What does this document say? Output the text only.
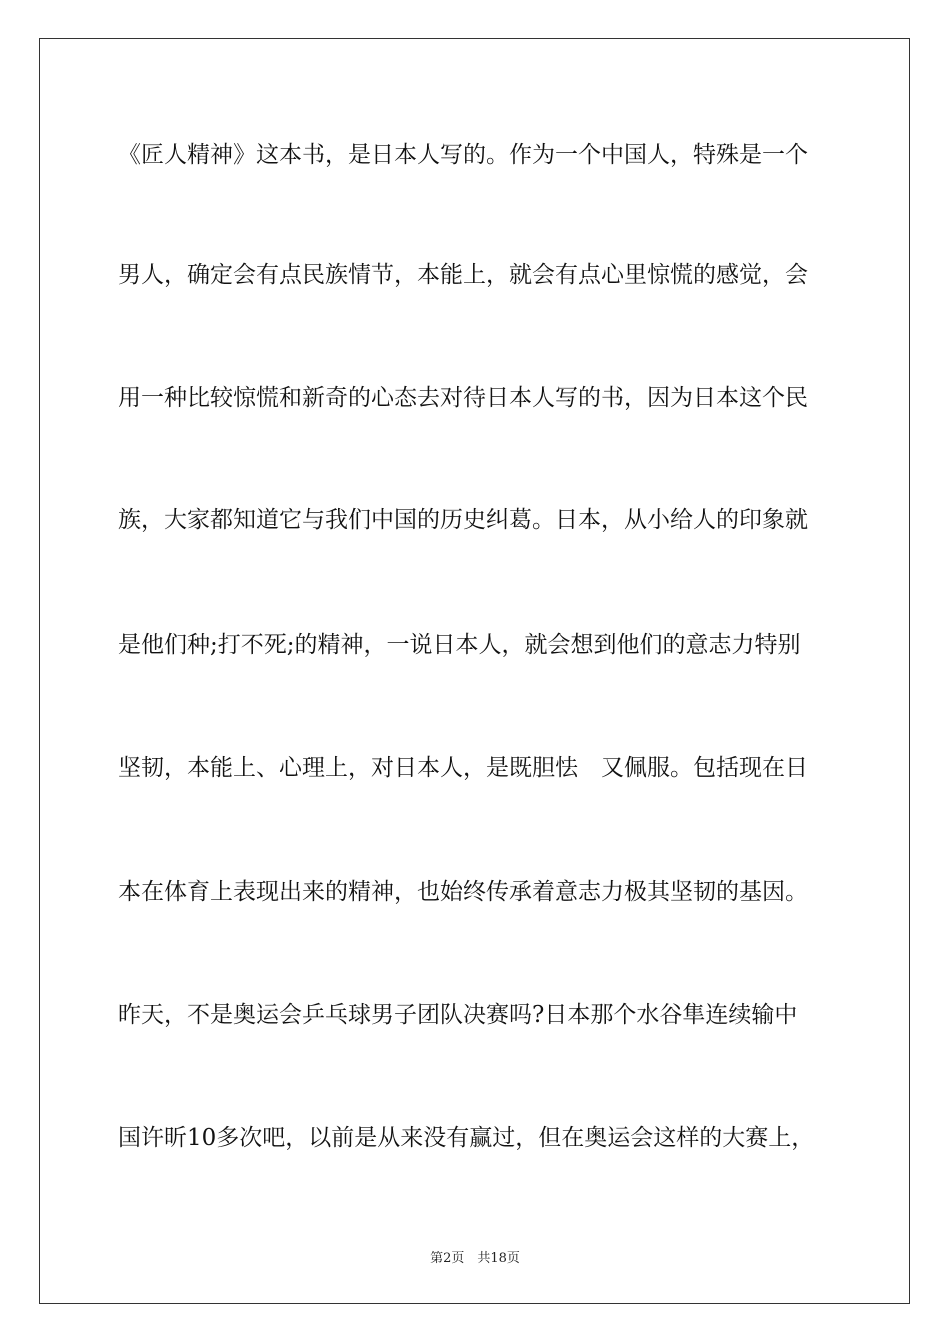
《匠人精神》这本书，是日本人写的。作为一个中国人，特殊是一个
男人，确定会有点民族情节，本能上，就会有点心里惊慌的感觉，会
用一种比较惊慌和新奇的心态去对待日本人写的书，因为日本这个民
族，大家都知道它与我们中国的历史纠葛。日本，从小给人的印象就
是他们种;打不死;的精神，一说日本人，就会想到他们的意志力特别
坚韧，本能上、心理上，对日本人，是既胆怯　又佩服。包括现在日
本在体育上表现出来的精神，也始终传承着意志力极其坚韧的基因。
昨天，不是奥运会乒乓球男子团队决赛吗?日本那个水谷隼连续输中
国许昕10多次吧，以前是从来没有赢过，但在奥运会这样的大赛上，
第2页　共18页
